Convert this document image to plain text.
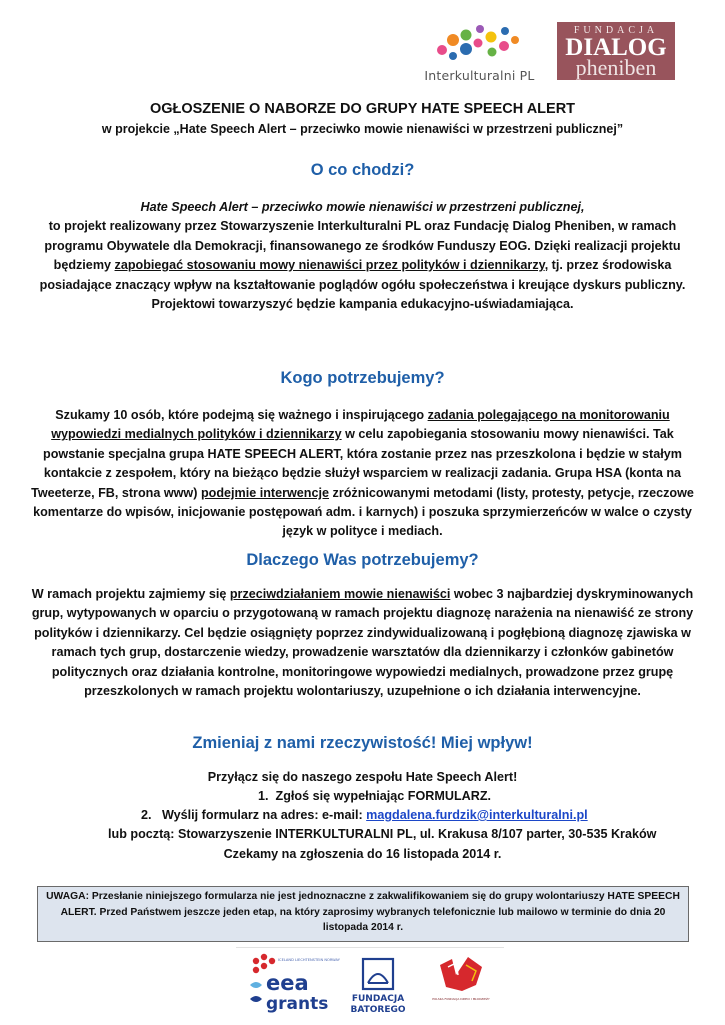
Interkulturalni PL
FUNDACJA
DIALOG
pheniben
OGŁOSZENIE O NABORZE DO GRUPY HATE SPEECH ALERT
w projekcie „Hate Speech Alert – przeciwko mowie nienawiści w przestrzeni publicznej”
O co chodzi?
Hate Speech Alert – przeciwko mowie nienawiści w przestrzeni publicznej,
to projekt realizowany przez Stowarzyszenie Interkulturalni PL oraz Fundację Dialog Pheniben, w ramach programu Obywatele dla Demokracji, finansowanego ze środków Funduszy EOG. Dzięki realizacji projektu będziemy zapobiegać stosowaniu mowy nienawiści przez polityków i dziennikarzy, tj. przez środowiska posiadające znaczący wpływ na kształtowanie poglądów ogółu społeczeństwa i kreujące dyskurs publiczny. Projektowi towarzyszyć będzie kampania edukacyjno-uświadamiająca.
Kogo potrzebujemy?
Szukamy 10 osób, które podejmą się ważnego i inspirującego zadania polegającego na monitorowaniu wypowiedzi medialnych polityków i dziennikarzy w celu zapobiegania stosowaniu mowy nienawiści. Tak powstanie specjalna grupa HATE SPEECH ALERT, która zostanie przez nas przeszkolona i będzie w stałym kontakcie z zespołem, który na bieżąco będzie służył wsparciem w realizacji zadania. Grupa HSA (konta na Tweeterze, FB, strona www) podejmie interwencje zróżnicowanymi metodami (listy, protesty, petycje, rzeczowe komentarze do wpisów, inicjowanie postępowań adm. i karnych) i poszuka sprzymierzeńców w walce o czysty język w polityce i mediach.
Dlaczego Was potrzebujemy?
W ramach projektu zajmiemy się przeciwdziałaniem mowie nienawiści wobec 3 najbardziej dyskryminowanych grup, wytypowanych w oparciu o przygotowaną w ramach projektu diagnozę narażenia na nienawiść ze strony polityków i dziennikarzy. Cel będzie osiągnięty poprzez zindywidualizowaną i pogłębioną diagnozę zjawiska w ramach tych grup, dostarczenie wiedzy, prowadzenie warsztatów dla dziennikarzy i członków gabinetów politycznych oraz działania kontrolne, monitoringowe wypowiedzi medialnych, prowadzone przez grupę przeszkolonych w ramach projektu wolontariuszy, uzupełnione o ich działania interwencyjne.
Zmieniaj z nami rzeczywistość! Miej wpływ!
Przyłącz się do naszego zespołu Hate Speech Alert!
1. Zgłoś się wypełniając FORMULARZ.
2. Wyślij formularz na adres: e-mail: magdalena.furdzik@interkulturalni.pl
lub pocztą: Stowarzyszenie INTERKULTURALNI PL, ul. Krakusa 8/107 parter, 30-535 Kraków
Czekamy na zgłoszenia do 16 listopada 2014 r.
UWAGA: Przesłanie niniejszego formularza nie jest jednoznaczne z zakwalifikowaniem się do grupy wolontariuszy HATE SPEECH ALERT. Przed Państwem jeszcze jeden etap, na który zaprosimy wybranych telefonicznie lub mailowo w terminie do dnia 20 listopada 2014 r.
ICELAND LIECHTENSTEIN NORWAY
eea
grants	FUNDACJA
BATOREGO
POLSKA FUNDACJA DZIECI I MŁODZIEŻY
